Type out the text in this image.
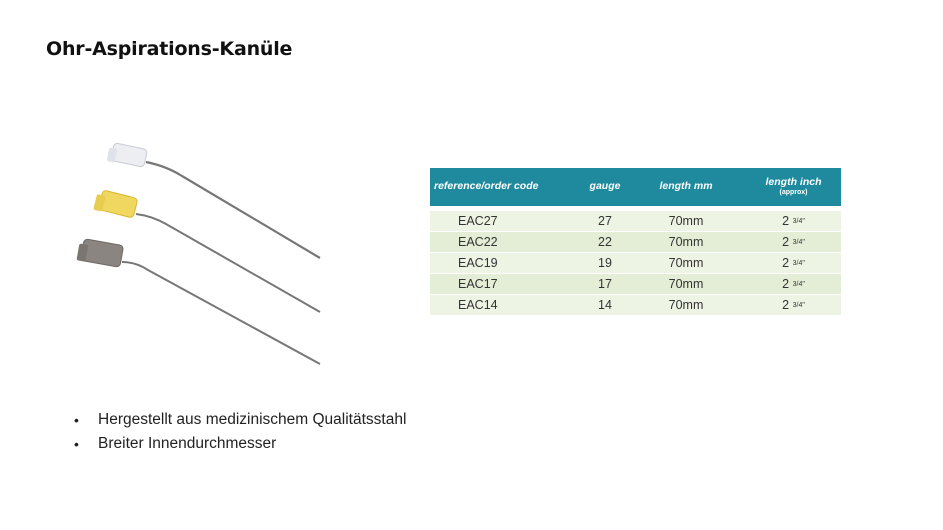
Ohr-Aspirations-Kanüle
reference/order code	gauge	length mm	length inch
(approx)

EAC27	27	70mm	2 3/4"
EAC22	22	70mm	2 3/4"
EAC19	19	70mm	2 3/4"
EAC17	17	70mm	2 3/4"
EAC14	14	70mm	2 3/4"
•	Hergestellt aus medizinischem Qualitätsstahl
•	Breiter Innendurchmesser
